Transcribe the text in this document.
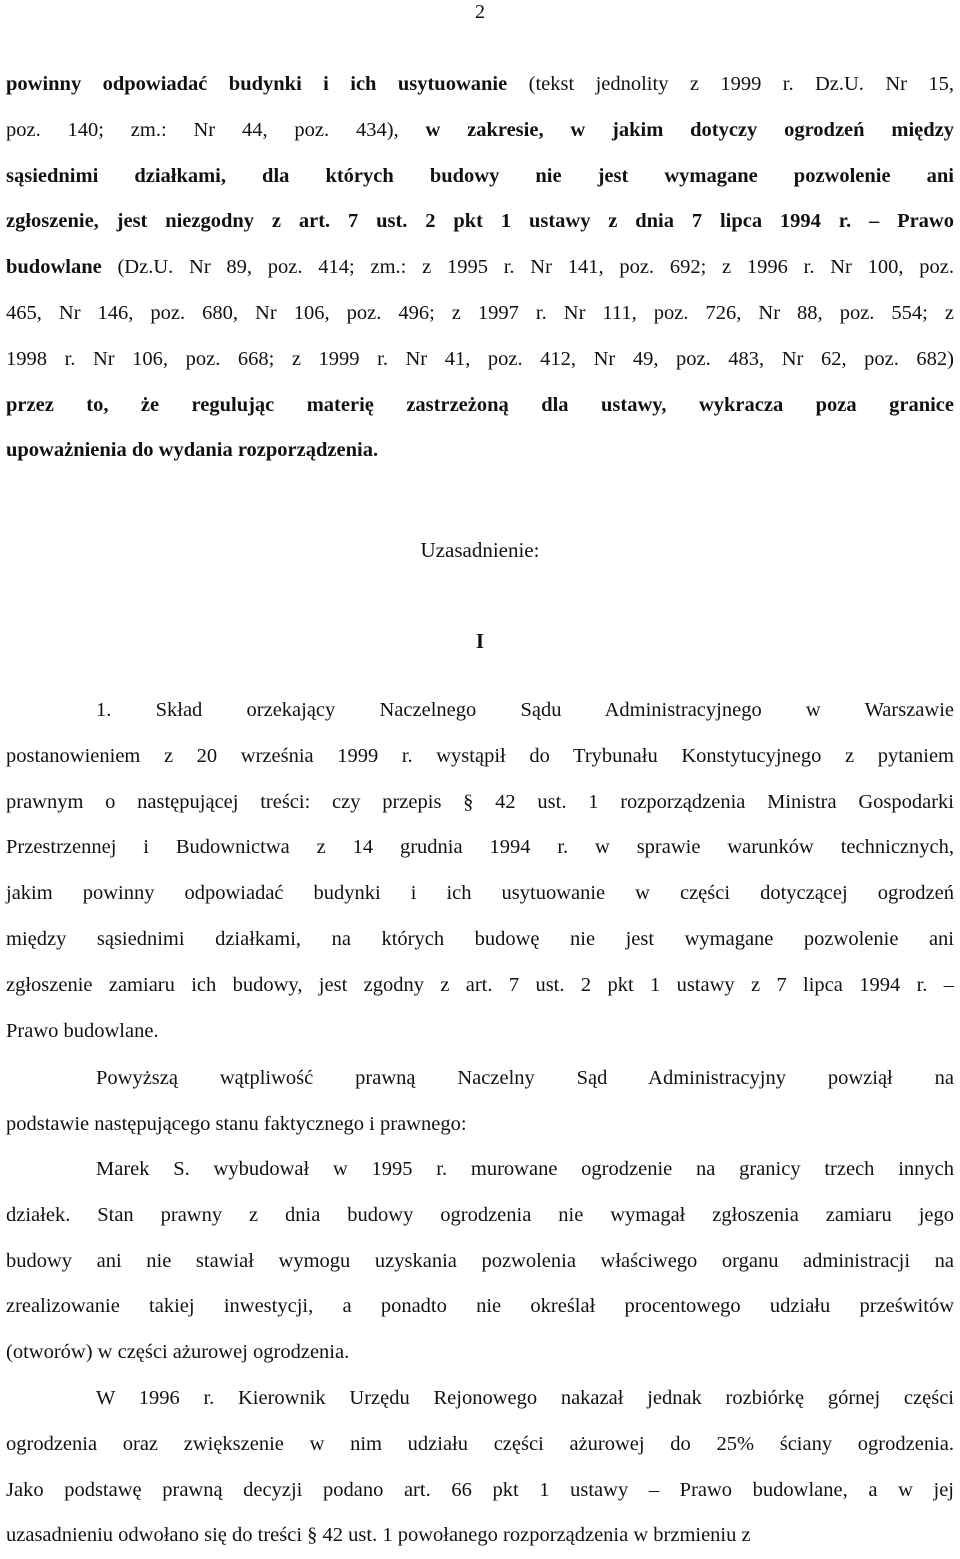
2
powinny odpowiadać budynki i ich usytuowanie (tekst jednolity z 1999 r. Dz.U. Nr 15,
poz. 140; zm.: Nr 44, poz. 434), w zakresie, w jakim dotyczy ogrodzeń między
sąsiednimi działkami, dla których budowy nie jest wymagane pozwolenie ani
zgłoszenie, jest niezgodny z art. 7 ust. 2 pkt 1 ustawy z dnia 7 lipca 1994 r. – Prawo
budowlane (Dz.U. Nr 89, poz. 414; zm.: z 1995 r. Nr 141, poz. 692; z 1996 r. Nr 100, poz.
465, Nr 146, poz. 680, Nr 106, poz. 496; z 1997 r. Nr 111, poz. 726, Nr 88, poz. 554; z
1998 r. Nr 106, poz. 668; z 1999 r. Nr 41, poz. 412, Nr 49, poz. 483, Nr 62, poz. 682)
przez to, że regulując materię zastrzeżoną dla ustawy, wykracza poza granice
upoważnienia do wydania rozporządzenia.
Uzasadnienie:
I
1. Skład orzekający Naczelnego Sądu Administracyjnego w Warszawie
postanowieniem z 20 września 1999 r. wystąpił do Trybunału Konstytucyjnego z pytaniem
prawnym o następującej treści: czy przepis § 42 ust. 1 rozporządzenia Ministra Gospodarki
Przestrzennej i Budownictwa z 14 grudnia 1994 r. w sprawie warunków technicznych,
jakim powinny odpowiadać budynki i ich usytuowanie w części dotyczącej ogrodzeń
między sąsiednimi działkami, na których budowę nie jest wymagane pozwolenie ani
zgłoszenie zamiaru ich budowy, jest zgodny z art. 7 ust. 2 pkt 1 ustawy z 7 lipca 1994 r. –
Prawo budowlane.
Powyższą wątpliwość prawną Naczelny Sąd Administracyjny powziął na
podstawie następującego stanu faktycznego i prawnego:
Marek S. wybudował w 1995 r. murowane ogrodzenie na granicy trzech innych
działek. Stan prawny z dnia budowy ogrodzenia nie wymagał zgłoszenia zamiaru jego
budowy ani nie stawiał wymogu uzyskania pozwolenia właściwego organu administracji na
zrealizowanie takiej inwestycji, a ponadto nie określał procentowego udziału prześwitów
(otworów) w części ażurowej ogrodzenia.
W 1996 r. Kierownik Urzędu Rejonowego nakazał jednak rozbiórkę górnej części
ogrodzenia oraz zwiększenie w nim udziału części ażurowej do 25% ściany ogrodzenia.
Jako podstawę prawną decyzji podano art. 66 pkt 1 ustawy – Prawo budowlane, a w jej
uzasadnieniu odwołano się do treści § 42 ust. 1 powołanego rozporządzenia w brzmieniu z
